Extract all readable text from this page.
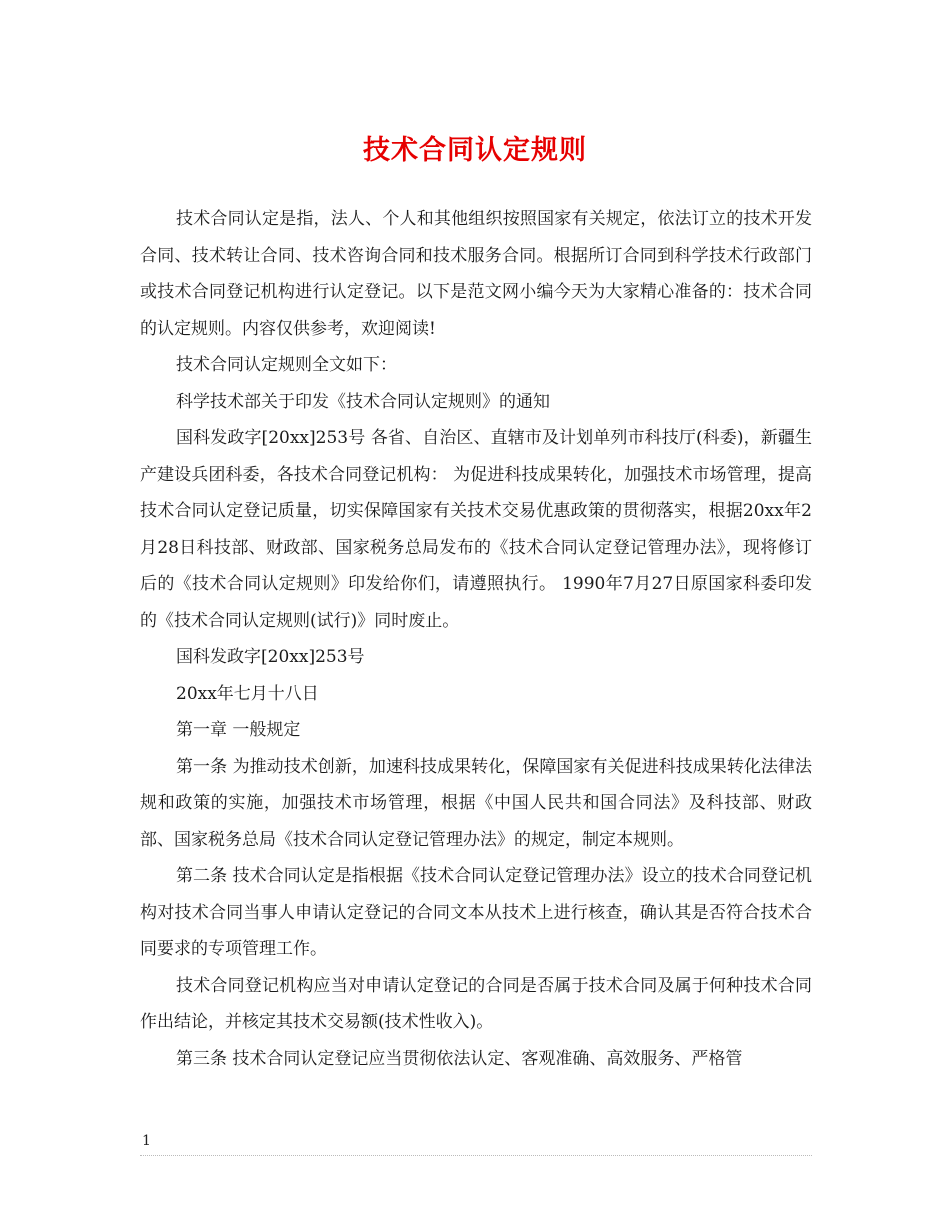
技术合同认定规则

技术合同认定是指，法人、个人和其他组织按照国家有关规定，依法订立的技术开发合同、技术转让合同、技术咨询合同和技术服务合同。根据所订合同到科学技术行政部门或技术合同登记机构进行认定登记。以下是范文网小编今天为大家精心准备的：技术合同的认定规则。内容仅供参考，欢迎阅读!

技术合同认定规则全文如下：

科学技术部关于印发《技术合同认定规则》的通知

国科发政字[20xx]253号 各省、自治区、直辖市及计划单列市科技厅(科委)，新疆生产建设兵团科委，各技术合同登记机构： 为促进科技成果转化，加强技术市场管理，提高技术合同认定登记质量，切实保障国家有关技术交易优惠政策的贯彻落实，根据20xx年2月28日科技部、财政部、国家税务总局发布的《技术合同认定登记管理办法》，现将修订后的《技术合同认定规则》印发给你们，请遵照执行。 1990年7月27日原国家科委印发的《技术合同认定规则(试行)》同时废止。

国科发政字[20xx]253号

20xx年七月十八日

第一章 一般规定

第一条 为推动技术创新，加速科技成果转化，保障国家有关促进科技成果转化法律法规和政策的实施，加强技术市场管理，根据《中国人民共和国合同法》及科技部、财政部、国家税务总局《技术合同认定登记管理办法》的规定，制定本规则。

第二条 技术合同认定是指根据《技术合同认定登记管理办法》设立的技术合同登记机构对技术合同当事人申请认定登记的合同文本从技术上进行核查，确认其是否符合技术合同要求的专项管理工作。

技术合同登记机构应当对申请认定登记的合同是否属于技术合同及属于何种技术合同作出结论，并核定其技术交易额(技术性收入)。

第三条 技术合同认定登记应当贯彻依法认定、客观准确、高效服务、严格管

1
